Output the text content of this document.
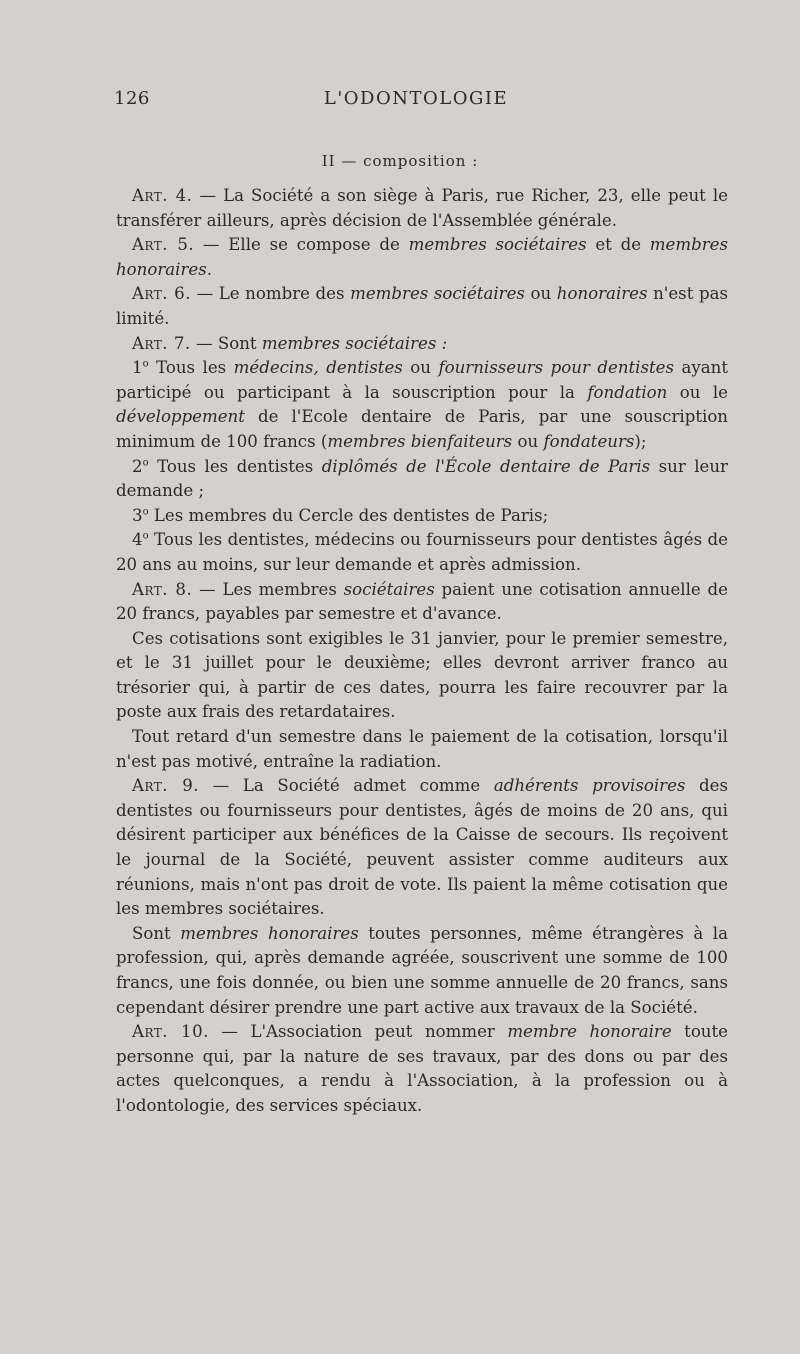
126	L'ODONTOLOGIE
II — composition :

Art. 4. — La Société a son siège à Paris, rue Richer, 23, elle peut le transférer ailleurs, après décision de l'Assemblée générale.

Art. 5. — Elle se compose de membres sociétaires et de membres honoraires.

Art. 6. — Le nombre des membres sociétaires ou honoraires n'est pas limité.

Art. 7. — Sont membres sociétaires :

1$^o$ Tous les médecins, dentistes ou fournisseurs pour dentistes ayant participé ou participant à la souscription pour la fondation ou le développement de l'Ecole dentaire de Paris, par une souscription minimum de 100 francs (membres bienfaiteurs ou fondateurs);

2$^o$ Tous les dentistes diplômés de l'École dentaire de Paris sur leur demande ;

3$^o$ Les membres du Cercle des dentistes de Paris;

4$^o$ Tous les dentistes, médecins ou fournisseurs pour dentistes âgés de 20 ans au moins, sur leur demande et après admission.

Art. 8. — Les membres sociétaires paient une cotisation annuelle de 20 francs, payables par semestre et d'avance.

Ces cotisations sont exigibles le 31 janvier, pour le premier semestre, et le 31 juillet pour le deuxième; elles devront arriver franco au trésorier qui, à partir de ces dates, pourra les faire recouvrer par la poste aux frais des retardataires.

Tout retard d'un semestre dans le paiement de la cotisation, lorsqu'il n'est pas motivé, entraîne la radiation.

Art. 9. — La Société admet comme adhérents provisoires des dentistes ou fournisseurs pour dentistes, âgés de moins de 20 ans, qui désirent participer aux bénéfices de la Caisse de secours. Ils reçoivent le journal de la Société, peuvent assister comme auditeurs aux réunions, mais n'ont pas droit de vote. Ils paient la même cotisation que les membres sociétaires.

Sont membres honoraires toutes personnes, même étrangères à la profession, qui, après demande agréée, souscrivent une somme de 100 francs, une fois donnée, ou bien une somme annuelle de 20 francs, sans cependant désirer prendre une part active aux travaux de la Société.

Art. 10. — L'Association peut nommer membre honoraire toute personne qui, par la nature de ses travaux, par des dons ou par des actes quelconques, a rendu à l'Association, à la profession ou à l'odontologie, des services spéciaux.
